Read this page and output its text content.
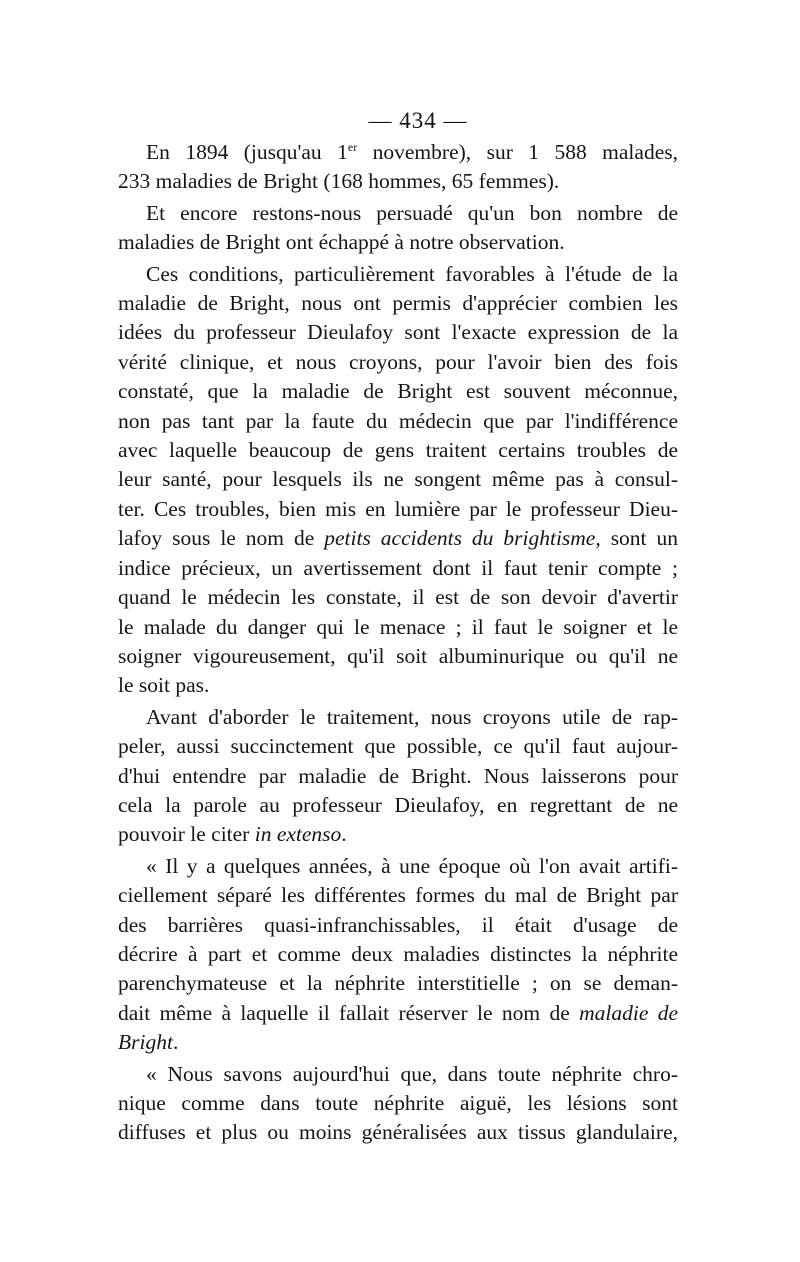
— 434 —

En 1894 (jusqu'au 1er novembre), sur 1 588 malades,
233 maladies de Bright (168 hommes, 65 femmes).

Et encore restons-nous persuadé qu'un bon nombre de
maladies de Bright ont échappé à notre observation.

Ces conditions, particulièrement favorables à l'étude de la
maladie de Bright, nous ont permis d'apprécier combien les
idées du professeur Dieulafoy sont l'exacte expression de la
vérité clinique, et nous croyons, pour l'avoir bien des fois
constaté, que la maladie de Bright est souvent méconnue,
non pas tant par la faute du médecin que par l'indifférence
avec laquelle beaucoup de gens traitent certains troubles de
leur santé, pour lesquels ils ne songent même pas à consul-
ter. Ces troubles, bien mis en lumière par le professeur Dieu-
lafoy sous le nom de petits accidents du brightisme, sont un
indice précieux, un avertissement dont il faut tenir compte ;
quand le médecin les constate, il est de son devoir d'avertir
le malade du danger qui le menace ; il faut le soigner et le
soigner vigoureusement, qu'il soit albuminurique ou qu'il ne
le soit pas.

Avant d'aborder le traitement, nous croyons utile de rap-
peler, aussi succinctement que possible, ce qu'il faut aujour-
d'hui entendre par maladie de Bright. Nous laisserons pour
cela la parole au professeur Dieulafoy, en regrettant de ne
pouvoir le citer in extenso.

« Il y a quelques années, à une époque où l'on avait artifi-
ciellement séparé les différentes formes du mal de Bright par
des barrières quasi-infranchissables, il était d'usage de
décrire à part et comme deux maladies distinctes la néphrite
parenchymateuse et la néphrite interstitielle ; on se deman-
dait même à laquelle il fallait réserver le nom de maladie de
Bright.

« Nous savons aujourd'hui que, dans toute néphrite chro-
nique comme dans toute néphrite aiguë, les lésions sont
diffuses et plus ou moins généralisées aux tissus glandulaire,
